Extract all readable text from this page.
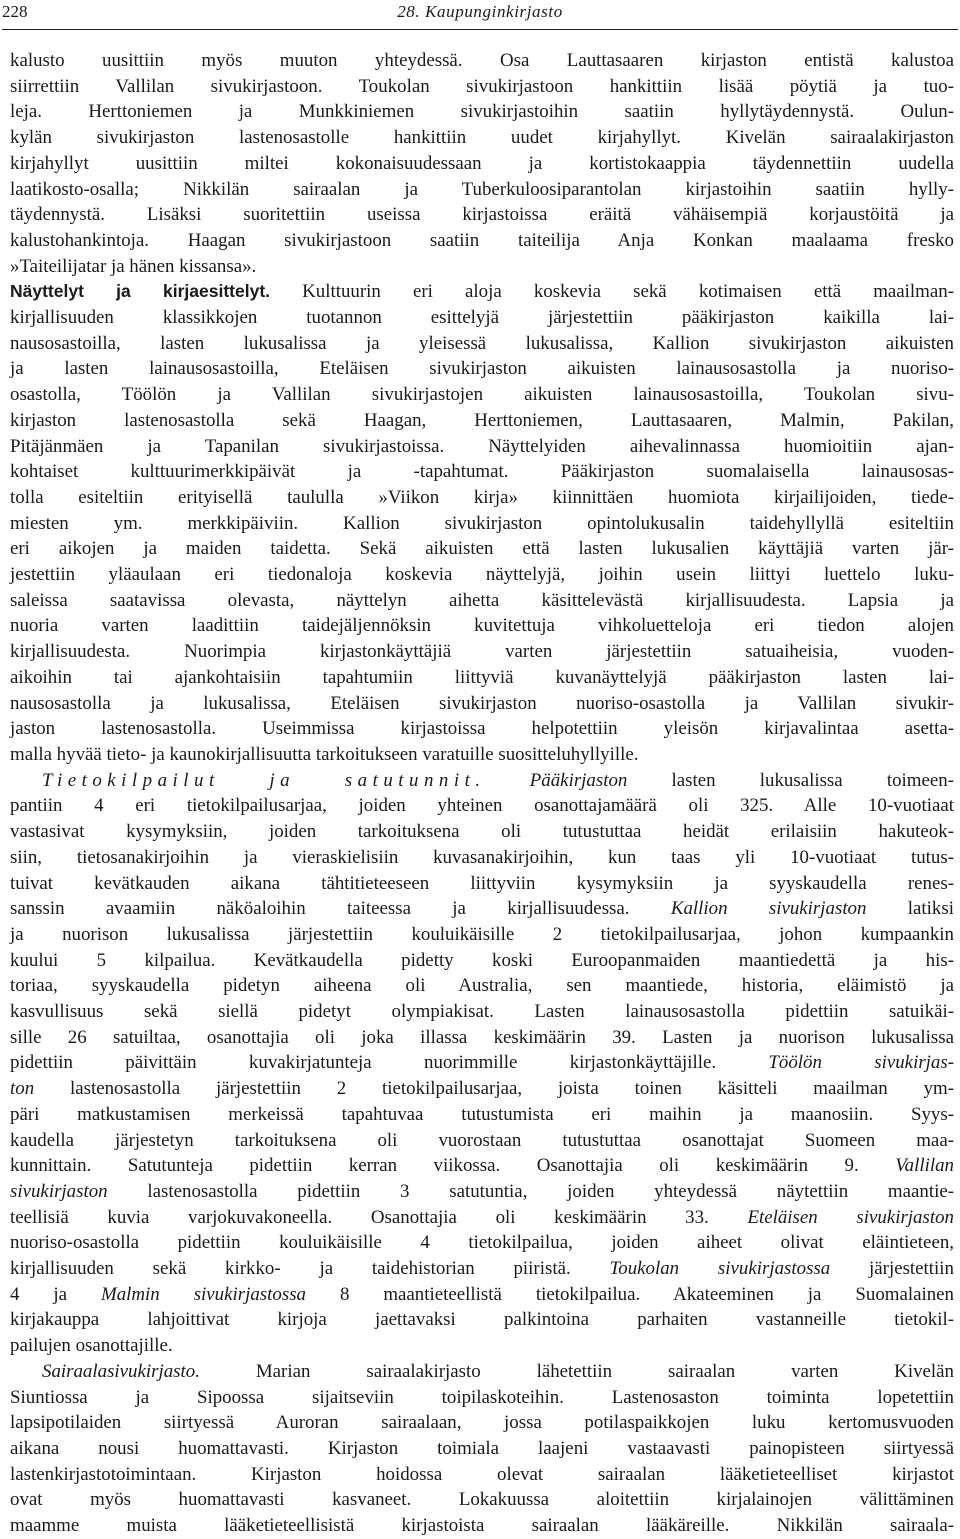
228	28. Kaupunginkirjasto
kalusto uusittiin myös muuton yhteydessä. Osa Lauttasaaren kirjaston entistä kalustoa
siirrettiin Vallilan sivukirjastoon. Toukolan sivukirjastoon hankittiin lisää pöytiä ja tuo-
leja. Herttoniemen ja Munkkiniemen sivukirjastoihin saatiin hyllytäydennystä. Oulun-
kylän sivukirjaston lastenosastolle hankittiin uudet kirjahyllyt. Kivelän sairaalakirjaston
kirjahyllyt uusittiin miltei kokonaisuudessaan ja kortistokaappia täydennettiin uudella
laatikosto-osalla; Nikkilän sairaalan ja Tuberkuloosiparantolan kirjastoihin saatiin hylly-
täydennystä. Lisäksi suoritettiin useissa kirjastoissa eräitä vähäisempiä korjaustöitä ja
kalustohankintoja. Haagan sivukirjastoon saatiin taiteilija Anja Konkan maalaama fresko
»Taiteilijatar ja hänen kissansa».
Näyttelyt ja kirjaesittelyt. Kulttuurin eri aloja koskevia sekä kotimaisen että maailman-
kirjallisuuden klassikkojen tuotannon esittelyjä järjestettiin pääkirjaston kaikilla lai-
nausosastoilla, lasten lukusalissa ja yleisessä lukusalissa, Kallion sivukirjaston aikuisten
ja lasten lainausosastoilla, Eteläisen sivukirjaston aikuisten lainausosastolla ja nuoriso-
osastolla, Töölön ja Vallilan sivukirjastojen aikuisten lainausosastoilla, Toukolan sivu-
kirjaston lastenosastolla sekä Haagan, Herttoniemen, Lauttasaaren, Malmin, Pakilan,
Pitäjänmäen ja Tapanilan sivukirjastoissa. Näyttelyiden aihevalinnassa huomioitiin ajan-
kohtaiset kulttuurimerkkipäivät ja -tapahtumat. Pääkirjaston suomalaisella lainausosas-
tolla esiteltiin erityisellä taululla »Viikon kirja» kiinnittäen huomiota kirjailijoiden, tiede-
miesten ym. merkkipäiviin. Kallion sivukirjaston opintolukusalin taidehyllyllä esiteltiin
eri aikojen ja maiden taidetta. Sekä aikuisten että lasten lukusalien käyttäjiä varten jär-
jestettiin yläaulaan eri tiedonaloja koskevia näyttelyjä, joihin usein liittyi luettelo luku-
saleissa saatavissa olevasta, näyttelyn aihetta käsittelevästä kirjallisuudesta. Lapsia ja
nuoria varten laadittiin taidejäljennöksin kuvitettuja vihkoluetteloja eri tiedon alojen
kirjallisuudesta. Nuorimpia kirjastonkäyttäjiä varten järjestettiin satuaiheisia, vuoden-
aikoihin tai ajankohtaisiin tapahtumiin liittyviä kuvanäyttelyjä pääkirjaston lasten lai-
nausosastolla ja lukusalissa, Eteläisen sivukirjaston nuoriso-osastolla ja Vallilan sivukir-
jaston lastenosastolla. Useimmissa kirjastoissa helpotettiin yleisön kirjavalintaa asetta-
malla hyvää tieto- ja kaunokirjallisuutta tarkoitukseen varatuille suositteluhyllyille.
Tietokilpailut ja satutunnit. Pääkirjaston lasten lukusalissa toimeen-
pantiin 4 eri tietokilpailusarjaa, joiden yhteinen osanottajamäärä oli 325. Alle 10-vuotiaat
vastasivat kysymyksiin, joiden tarkoituksena oli tutustuttaa heidät erilaisiin hakuteok-
siin, tietosanakirjoihin ja vieraskielisiin kuvasanakirjoihin, kun taas yli 10-vuotiaat tutus-
tuivat kevätkauden aikana tähtitieteeseen liittyviin kysymyksiin ja syyskaudella renes-
sanssin avaamiin näköaloihin taiteessa ja kirjallisuudessa. Kallion sivukirjaston latiksi
ja nuorison lukusalissa järjestettiin kouluikäisille 2 tietokilpailusarjaa, johon kumpaankin
kuului 5 kilpailua. Kevätkaudella pidetty koski Euroopanmaiden maantiedettä ja his-
toriaa, syyskaudella pidetyn aiheena oli Australia, sen maantiede, historia, eläimistö ja
kasvullisuus sekä siellä pidetyt olympiakisat. Lasten lainausosastolla pidettiin satuikäi-
sille 26 satuiltaa, osanottajia oli joka illassa keskimäärin 39. Lasten ja nuorison lukusalissa
pidettiin päivittäin kuvakirjatunteja nuorimmille kirjastonkäyttäjille.	Töölön sivukirjas-
ton lastenosastolla järjestettiin 2 tietokilpailusarjaa, joista toinen käsitteli maailman ym-
päri matkustamisen merkeissä tapahtuvaa tutustumista eri maihin ja maanosiin. Syys-
kaudella järjestetyn tarkoituksena oli vuorostaan tutustuttaa osanottajat Suomeen maa-
kunnittain. Satutunteja pidettiin kerran viikossa. Osanottajia oli keskimäärin 9. Vallilan
sivukirjaston lastenosastolla pidettiin 3 satutuntia, joiden yhteydessä näytettiin maantie-
teellisiä kuvia varjokuvakoneella. Osanottajia oli keskimäärin 33. Eteläisen sivukirjaston
nuoriso-osastolla pidettiin kouluikäisille 4 tietokilpailua, joiden aiheet olivat eläintieteen,
kirjallisuuden sekä kirkko- ja taidehistorian piiristä. Toukolan sivukirjastossa järjestettiin
4 ja Malmin sivukirjastossa 8 maantieteellistä tietokilpailua. Akateeminen ja Suomalainen
kirjakauppa lahjoittivat kirjoja jaettavaksi palkintoina parhaiten vastanneille tietokil-
pailujen osanottajille.
Sairaalasivukirjasto.	Marian sairaalakirjasto lähetettiin sairaalan varten Kivelän
Siuntiossa ja Sipoossa sijaitseviin toipilaskoteihin. Lastenosaston toiminta lopetettiin
lapsipotilaiden siirtyessä Auroran sairaalaan, jossa potilaspaikkojen luku kertomusvuoden
aikana nousi huomattavasti. Kirjaston toimiala laajeni vastaavasti painopisteen siirtyessä
lastenkirjastotoimintaan. Kirjaston hoidossa olevat sairaalan lääketieteelliset kirjastot
ovat myös huomattavasti kasvaneet. Lokakuussa aloitettiin kirjalainojen välittäminen
maamme muista lääketieteellisistä kirjastoista sairaalan lääkäreille. Nikkilän sairaala-
